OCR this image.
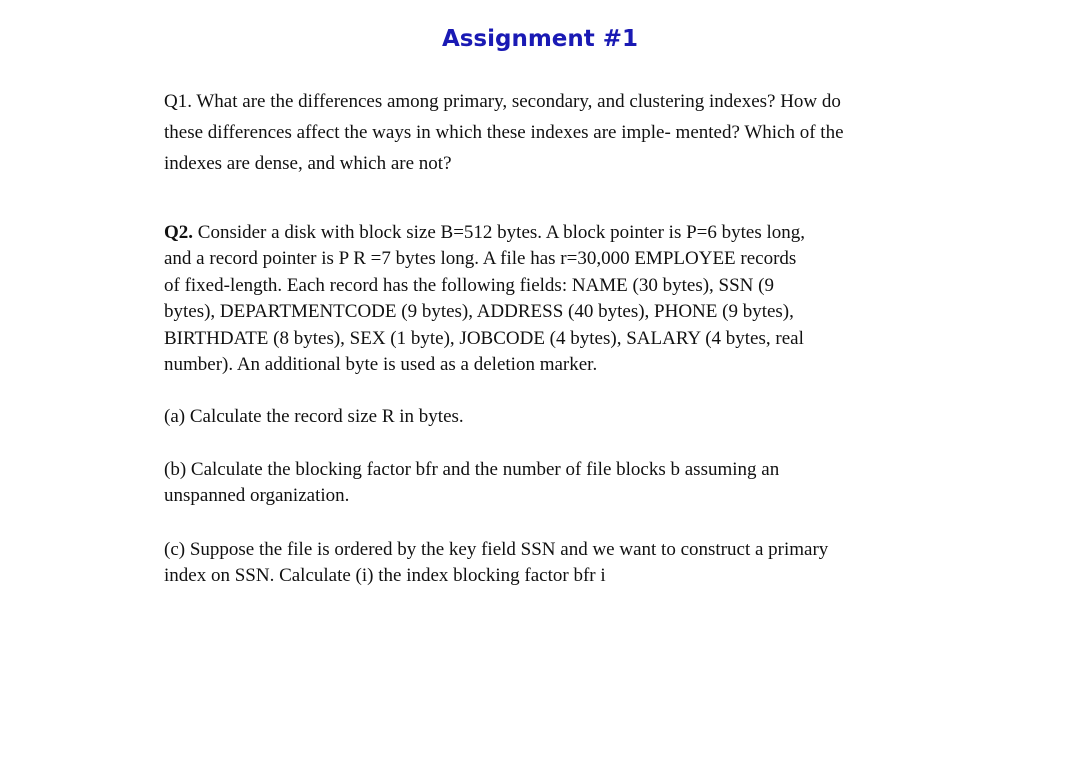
Assignment #1
Q1. What are the differences among primary, secondary, and clustering indexes? How do
these differences affect the ways in which these indexes are imple- mented? Which of the
indexes are dense, and which are not?
Q2. Consider a disk with block size B=512 bytes. A block pointer is P=6 bytes long,
and a record pointer is P R =7 bytes long. A file has r=30,000 EMPLOYEE records
of fixed-length. Each record has the following fields: NAME (30 bytes), SSN (9
bytes), DEPARTMENTCODE (9 bytes), ADDRESS (40 bytes), PHONE (9 bytes),
BIRTHDATE (8 bytes), SEX (1 byte), JOBCODE (4 bytes), SALARY (4 bytes, real
number). An additional byte is used as a deletion marker.
(a) Calculate the record size R in bytes.
(b) Calculate the blocking factor bfr and the number of file blocks b assuming an
unspanned organization.
(c) Suppose the file is ordered by the key field SSN and we want to construct a primary
index on SSN. Calculate (i) the index blocking factor bfr i
